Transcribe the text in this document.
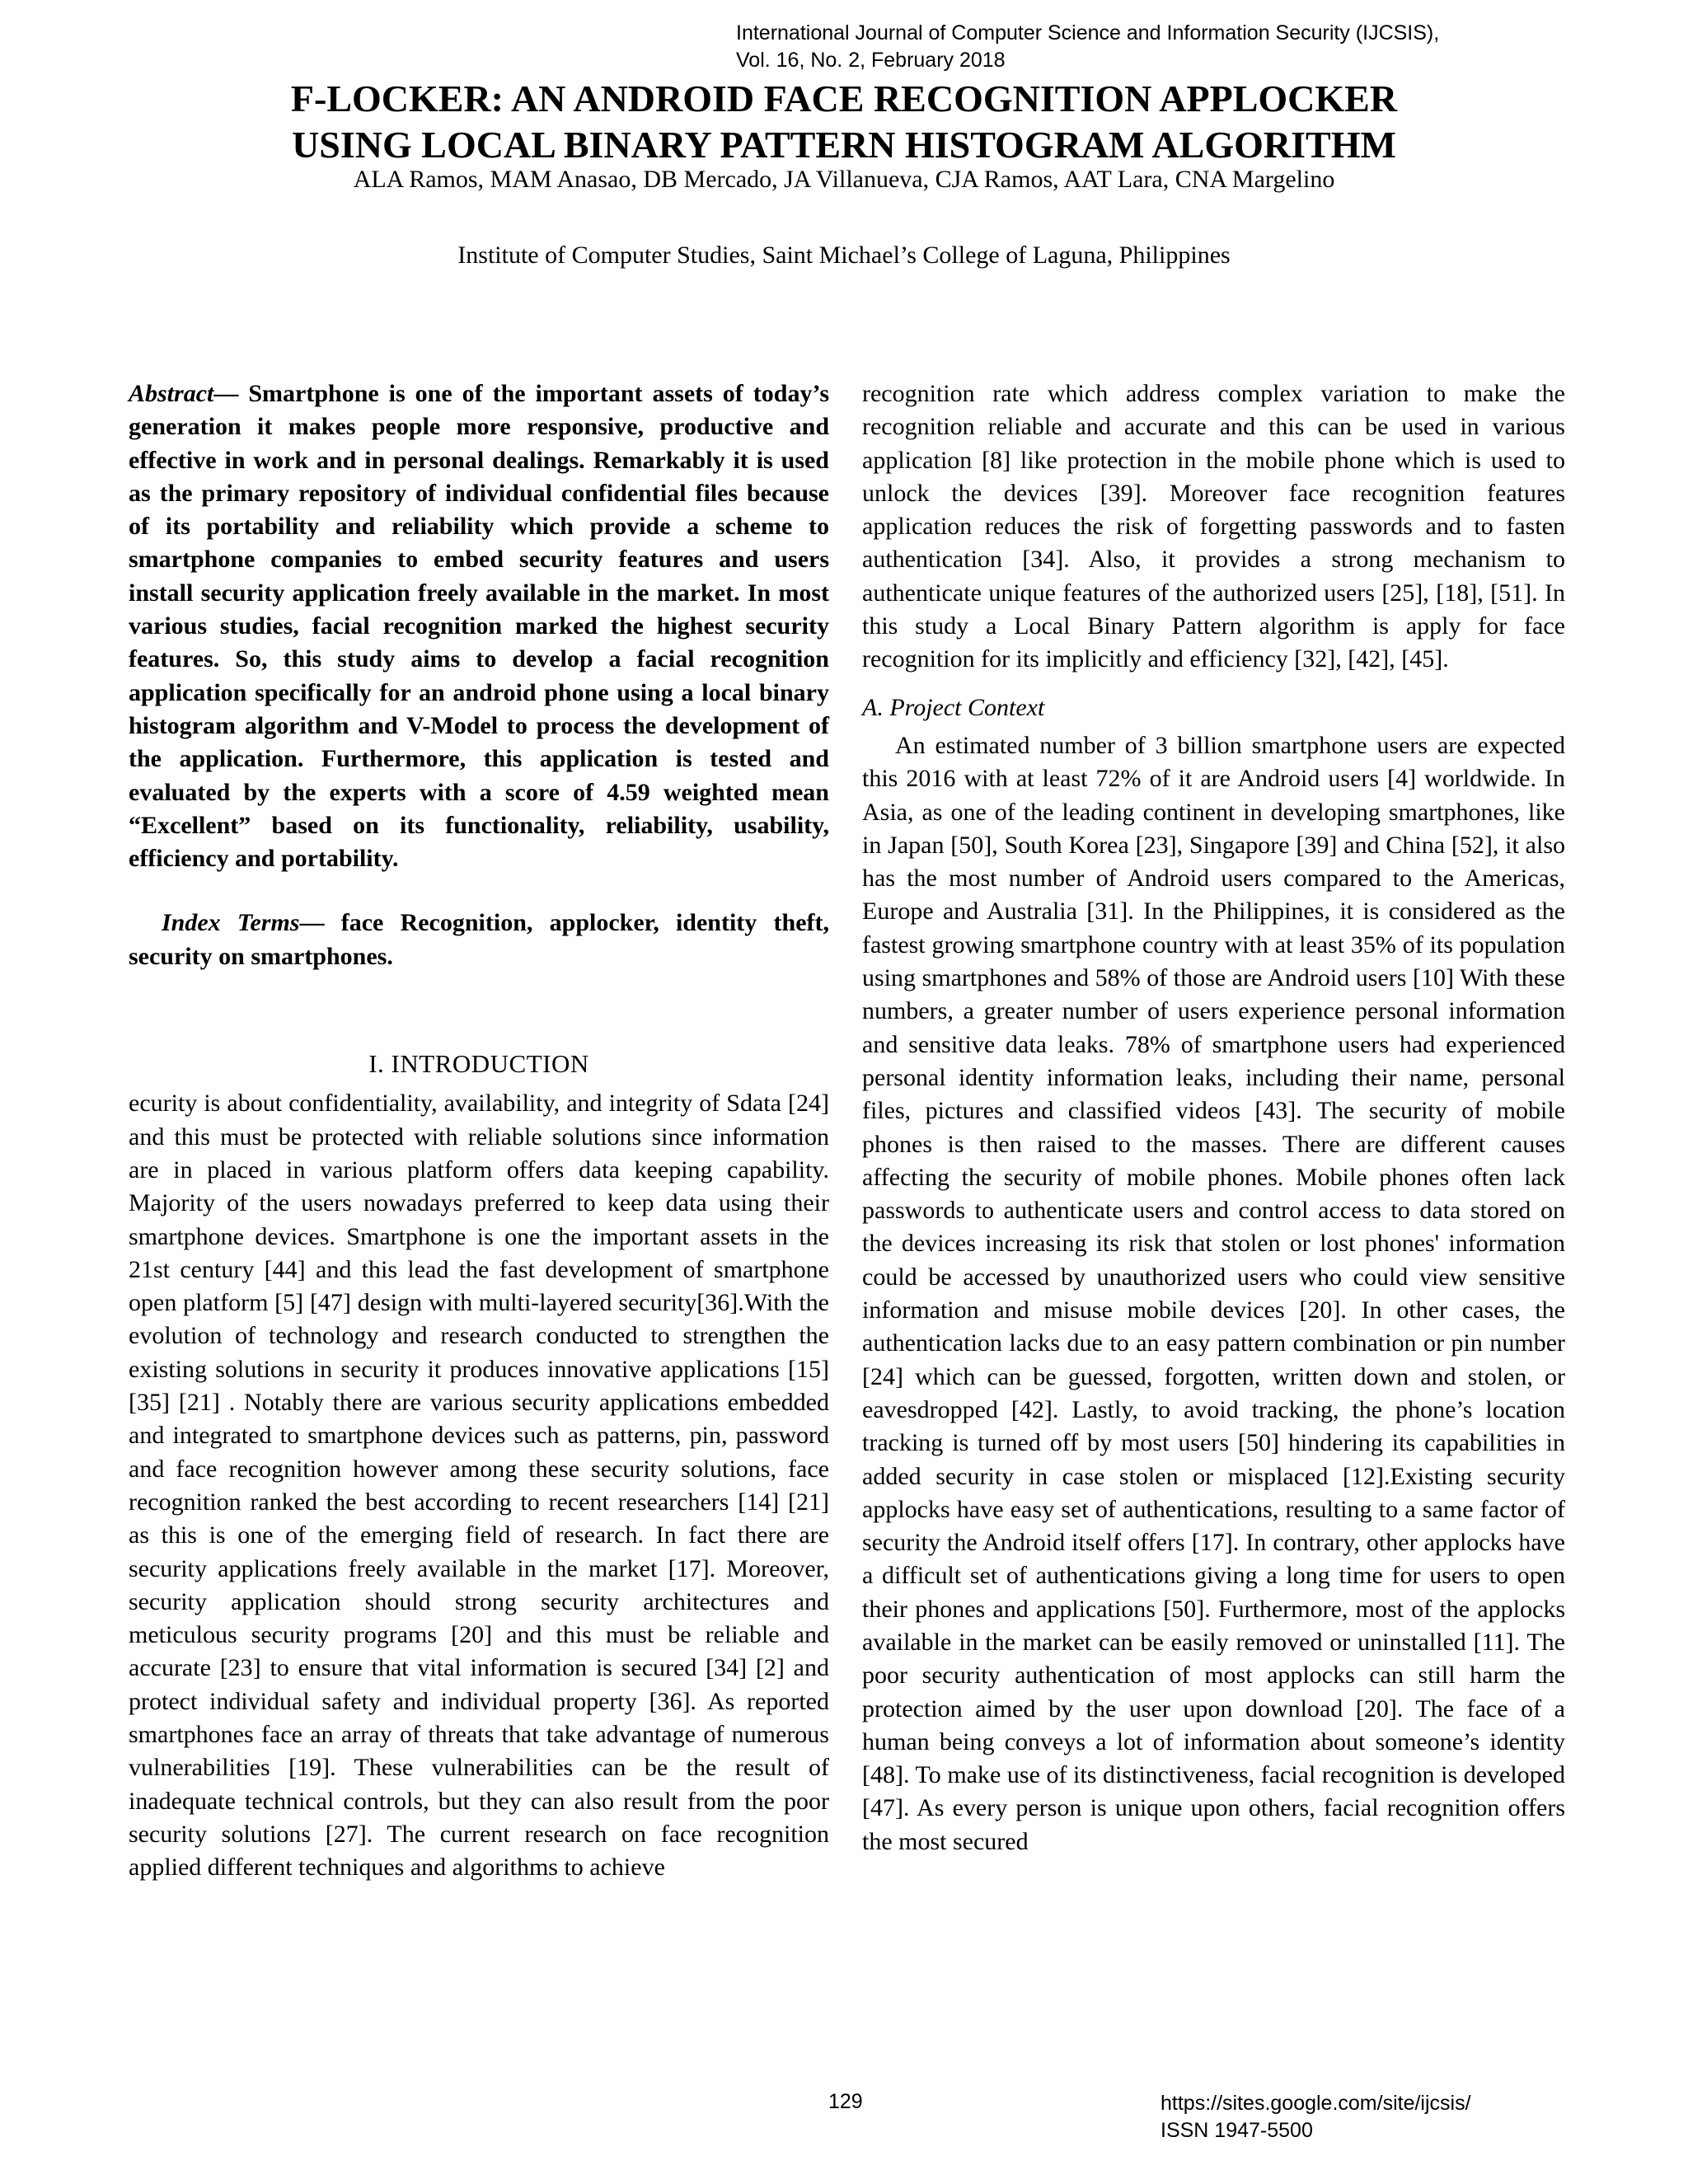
International Journal of Computer Science and Information Security (IJCSIS),
Vol. 16, No. 2, February 2018
F-LOCKER: AN ANDROID FACE RECOGNITION APPLOCKER
USING LOCAL BINARY PATTERN HISTOGRAM ALGORITHM
ALA Ramos, MAM Anasao, DB Mercado, JA Villanueva, CJA Ramos, AAT Lara, CNA Margelino
Institute of Computer Studies, Saint Michael’s College of Laguna, Philippines

Abstract— Smartphone is one of the important assets of today’s generation it makes people more responsive, productive and effective in work and in personal dealings. Remarkably it is used as the primary repository of individual confidential files because of its portability and reliability which provide a scheme to smartphone companies to embed security features and users install security application freely available in the market. In most various studies, facial recognition marked the highest security features. So, this study aims to develop a facial recognition application specifically for an android phone using a local binary histogram algorithm and V-Model to process the development of the application. Furthermore, this application is tested and evaluated by the experts with a score of 4.59 weighted mean “Excellent” based on its functionality, reliability, usability, efficiency and portability.

Index Terms— face Recognition, applocker, identity theft, security on smartphones.

I. INTRODUCTION

ecurity is about confidentiality, availability, and integrity of Sdata [24] and this must be protected with reliable solutions since information are in placed in various platform offers data keeping capability. Majority of the users nowadays preferred to keep data using their smartphone devices. Smartphone is one the important assets in the 21st century [44] and this lead the fast development of smartphone open platform [5] [47] design with multi-layered security[36].With the evolution of technology and research conducted to strengthen the existing solutions in security it produces innovative applications [15] [35] [21] . Notably there are various security applications embedded and integrated to smartphone devices such as patterns, pin, password and face recognition however among these security solutions, face recognition ranked the best according to recent researchers [14] [21] as this is one of the emerging field of research. In fact there are security applications freely available in the market [17]. Moreover, security application should strong security architectures and meticulous security programs [20] and this must be reliable and accurate [23] to ensure that vital information is secured [34] [2] and protect individual safety and individual property [36]. As reported smartphones face an array of threats that take advantage of numerous vulnerabilities [19]. These vulnerabilities can be the result of inadequate technical controls, but they can also result from the poor security solutions [27]. The current research on face recognition applied different techniques and algorithms to achieve

recognition rate which address complex variation to make the recognition reliable and accurate and this can be used in various application [8] like protection in the mobile phone which is used to unlock the devices [39]. Moreover face recognition features application reduces the risk of forgetting passwords and to fasten authentication [34]. Also, it provides a strong mechanism to authenticate unique features of the authorized users [25], [18], [51]. In this study a Local Binary Pattern algorithm is apply for face recognition for its implicitly and efficiency [32], [42], [45].

A. Project Context

An estimated number of 3 billion smartphone users are expected this 2016 with at least 72% of it are Android users [4] worldwide. In Asia, as one of the leading continent in developing smartphones, like in Japan [50], South Korea [23], Singapore [39] and China [52], it also has the most number of Android users compared to the Americas, Europe and Australia [31]. In the Philippines, it is considered as the fastest growing smartphone country with at least 35% of its population using smartphones and 58% of those are Android users [10] With these numbers, a greater number of users experience personal information and sensitive data leaks. 78% of smartphone users had experienced personal identity information leaks, including their name, personal files, pictures and classified videos [43]. The security of mobile phones is then raised to the masses. There are different causes affecting the security of mobile phones. Mobile phones often lack passwords to authenticate users and control access to data stored on the devices increasing its risk that stolen or lost phones' information could be accessed by unauthorized users who could view sensitive information and misuse mobile devices [20]. In other cases, the authentication lacks due to an easy pattern combination or pin number [24] which can be guessed, forgotten, written down and stolen, or eavesdropped [42]. Lastly, to avoid tracking, the phone’s location tracking is turned off by most users [50] hindering its capabilities in added security in case stolen or misplaced [12].Existing security applocks have easy set of authentications, resulting to a same factor of security the Android itself offers [17]. In contrary, other applocks have a difficult set of authentications giving a long time for users to open their phones and applications [50]. Furthermore, most of the applocks available in the market can be easily removed or uninstalled [11]. The poor security authentication of most applocks can still harm the protection aimed by the user upon download [20]. The face of a human being conveys a lot of information about someone’s identity [48]. To make use of its distinctiveness, facial recognition is developed [47]. As every person is unique upon others, facial recognition offers the most secured

129	https://sites.google.com/site/ijcsis/
ISSN 1947-5500
